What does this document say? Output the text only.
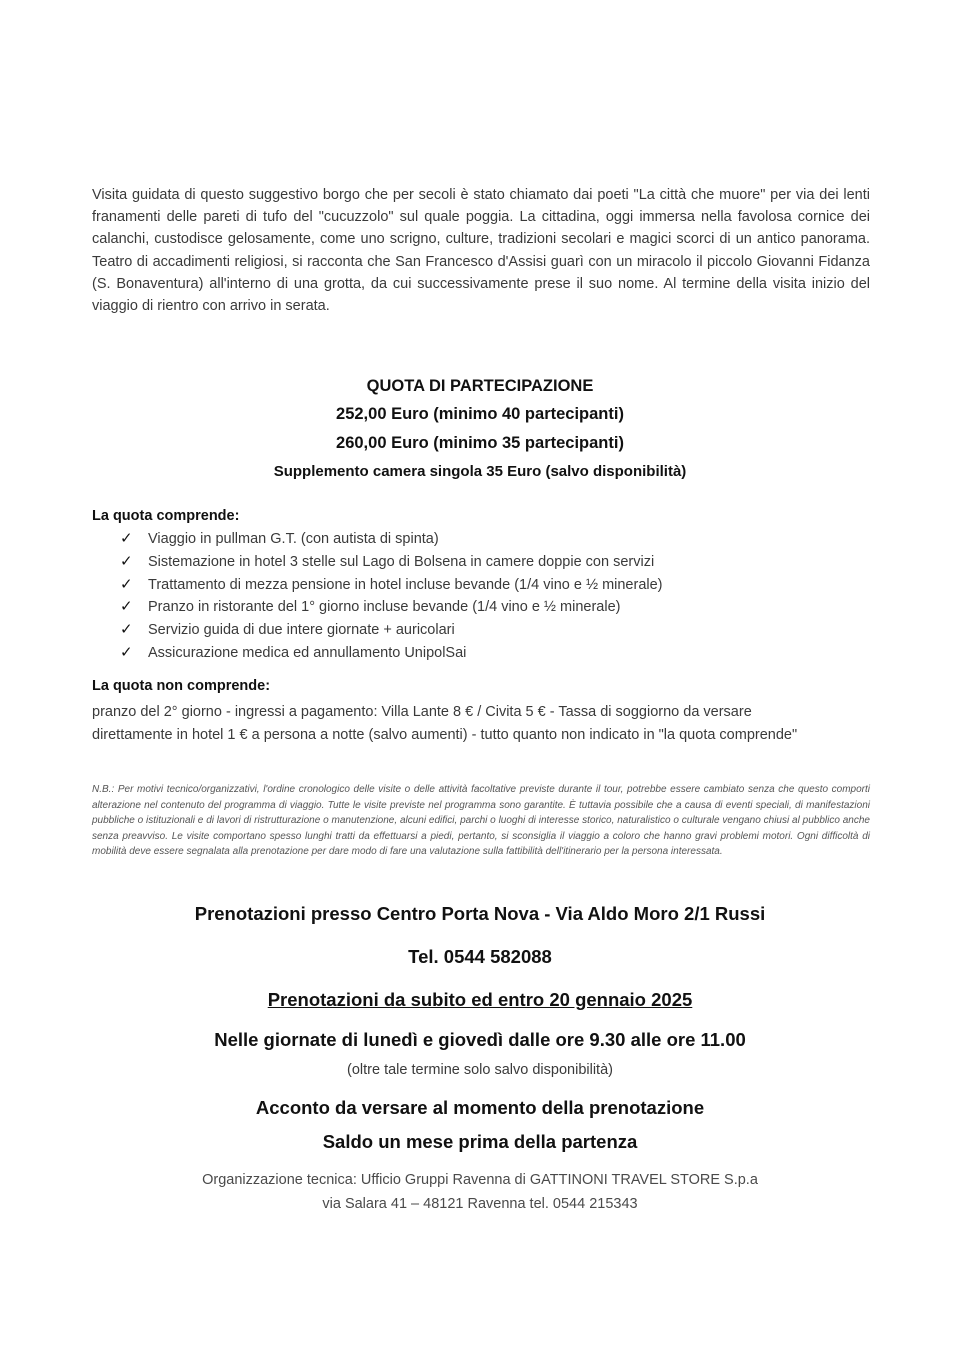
Visita guidata di questo suggestivo borgo che per secoli è stato chiamato dai poeti "La città che muore" per via dei lenti franamenti delle pareti di tufo del "cucuzzolo" sul quale poggia. La cittadina, oggi immersa nella favolosa cornice dei calanchi, custodisce gelosamente, come uno scrigno, culture, tradizioni secolari e magici scorci di un antico panorama. Teatro di accadimenti religiosi, si racconta che San Francesco d'Assisi guarì con un miracolo il piccolo Giovanni Fidanza (S. Bonaventura) all'interno di una grotta, da cui successivamente prese il suo nome. Al termine della visita inizio del viaggio di rientro con arrivo in serata.

QUOTA DI PARTECIPAZIONE
252,00 Euro (minimo 40 partecipanti)
260,00 Euro (minimo 35 partecipanti)
Supplemento camera singola 35 Euro (salvo disponibilità)
La quota comprende:
✓ Viaggio in pullman G.T. (con autista di spinta)
✓ Sistemazione in hotel 3 stelle sul Lago di Bolsena in camere doppie con servizi
✓ Trattamento di mezza pensione in hotel incluse bevande (1/4 vino e ½ minerale)
✓ Pranzo in ristorante del 1° giorno incluse bevande (1/4 vino e ½ minerale)
✓ Servizio guida di due intere giornate + auricolari
✓ Assicurazione medica ed annullamento UnipolSai
La quota non comprende:

pranzo del 2° giorno - ingressi a pagamento: Villa Lante 8 € / Civita 5 € - Tassa di soggiorno da versare direttamente in hotel 1 € a persona a notte (salvo aumenti) - tutto quanto non indicato in "la quota comprende"

N.B.: Per motivi tecnico/organizzativi, l'ordine cronologico delle visite o delle attività facoltative previste durante il tour, potrebbe essere cambiato senza che questo comporti alterazione nel contenuto del programma di viaggio. Tutte le visite previste nel programma sono garantite. È tuttavia possibile che a causa di eventi speciali, di manifestazioni pubbliche o istituzionali e di lavori di ristrutturazione o manutenzione, alcuni edifici, parchi o luoghi di interesse storico, naturalistico o culturale vengano chiusi al pubblico anche senza preavviso. Le visite comportano spesso lunghi tratti da effettuarsi a piedi, pertanto, si sconsiglia il viaggio a coloro che hanno gravi problemi motori. Ogni difficoltà di mobilità deve essere segnalata alla prenotazione per dare modo di fare una valutazione sulla fattibilità dell'itinerario per la persona interessata.

Prenotazioni presso Centro Porta Nova - Via Aldo Moro 2/1 Russi
Tel. 0544 582088
Prenotazioni da subito ed entro 20 gennaio 2025
Nelle giornate di lunedì e giovedì dalle ore 9.30 alle ore 11.00
(oltre tale termine solo salvo disponibilità)
Acconto da versare al momento della prenotazione
Saldo un mese prima della partenza
Organizzazione tecnica: Ufficio Gruppi Ravenna di GATTINONI TRAVEL STORE S.p.a
via Salara 41 – 48121 Ravenna tel. 0544 215343
